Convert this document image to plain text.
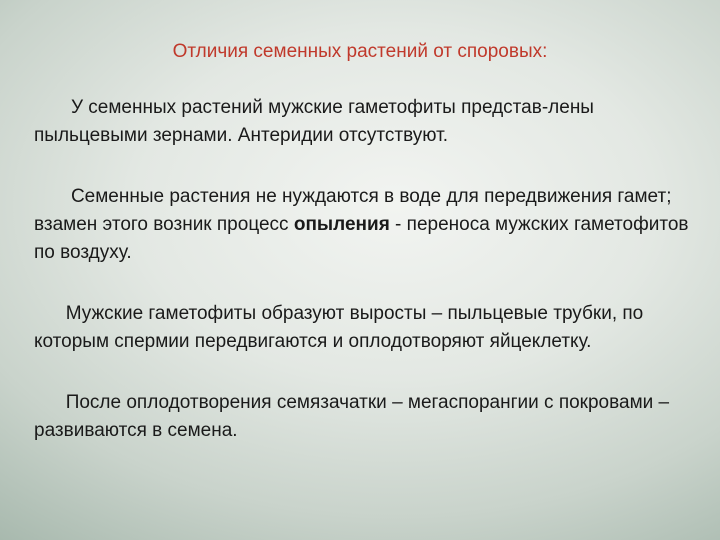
Отличия семенных растений от споровых:

У семенных растений мужские гаметофиты представ-лены пыльцевыми зернами. Антеридии отсутствуют.

Семенные растения не нуждаются в воде для передвижения гамет; взамен этого возник процесс опыления - переноса мужских гаметофитов по воздуху.

Мужские гаметофиты образуют выросты – пыльцевые трубки, по которым спермии передвигаются и оплодотворяют яйцеклетку.

После оплодотворения семязачатки – мегаспорангии с покровами – развиваются в семена.
